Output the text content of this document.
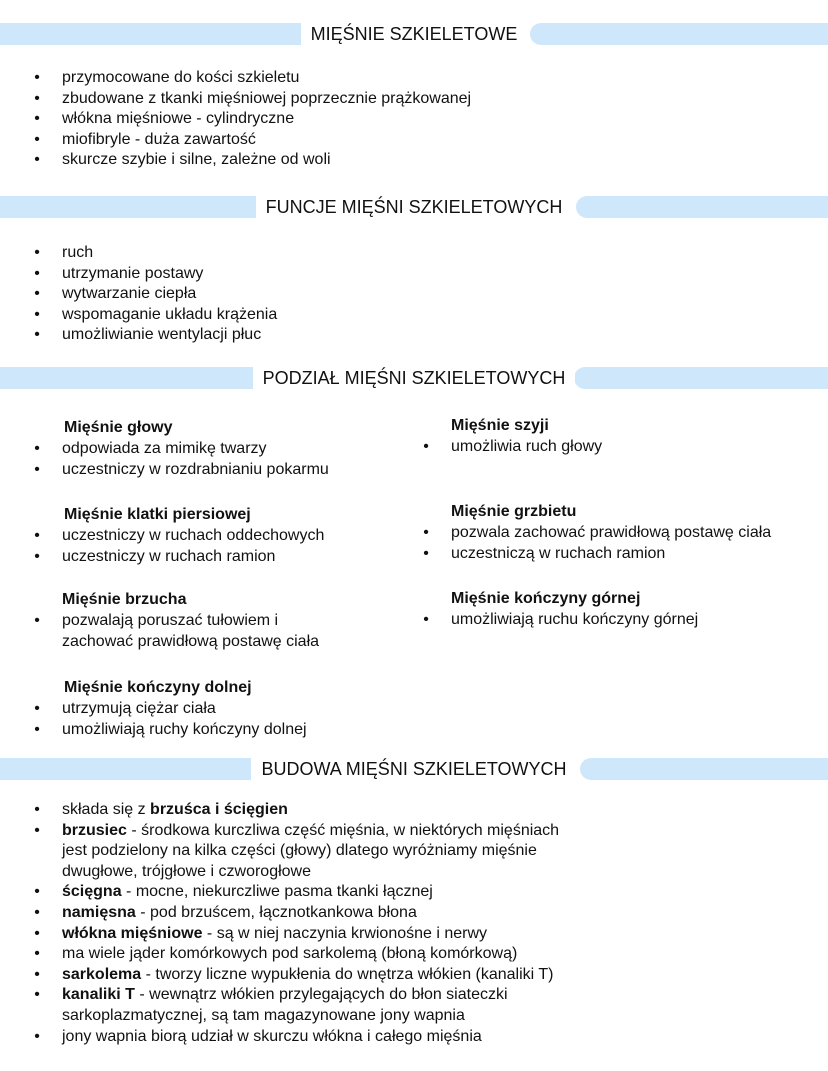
MIĘŚNIE SZKIELETOWE
• przymocowane do kości szkieletu
• zbudowane z tkanki mięśniowej poprzecznie prążkowanej
• włókna mięśniowe - cylindryczne
• miofibryle - duża zawartość
• skurcze szybie i silne, zależne od woli
FUNCJE MIĘŚNI SZKIELETOWYCH
• ruch
• utrzymanie postawy
• wytwarzanie ciepła
• wspomaganie układu krążenia
• umożliwianie wentylacji płuc
PODZIAŁ MIĘŚNI SZKIELETOWYCH
Mięśnie głowy
• odpowiada za mimikę twarzy
• uczestniczy w rozdrabnianiu pokarmu
Mięśnie szyji
• umożliwia ruch głowy
Mięśnie klatki piersiowej
• uczestniczy w ruchach oddechowych
• uczestniczy w ruchach ramion
Mięśnie grzbietu
• pozwala zachować prawidłową postawę ciała
• uczestniczą w ruchach ramion
Mięśnie brzucha
• pozwalają poruszać tułowiem i
zachować prawidłową postawę ciała
Mięśnie kończyny górnej
• umożliwiają ruchu kończyny górnej
Mięśnie kończyny dolnej
• utrzymują ciężar ciała
• umożliwiają ruchy kończyny dolnej
BUDOWA MIĘŚNI SZKIELETOWYCH
• składa się z brzuśca i ścięgien
• brzusiec - środkowa kurczliwa część mięśnia, w niektórych mięśniach
jest podzielony na kilka części (głowy) dlatego wyróżniamy mięśnie
dwugłowe, trójgłowe i czworogłowe
• ścięgna - mocne, niekurczliwe pasma tkanki łącznej
• namięsna - pod brzuścem, łącznotkankowa błona
• włókna mięśniowe - są w niej naczynia krwionośne i nerwy
• ma wiele jąder komórkowych pod sarkolemą (błoną komórkową)
• sarkolema - tworzy liczne wypukłenia do wnętrza włókien (kanaliki T)
• kanaliki T - wewnątrz włókien przylegających do błon siateczki
sarkoplazmatycznej, są tam magazynowane jony wapnia
• jony wapnia biorą udział w skurczu włókna i całego mięśnia
